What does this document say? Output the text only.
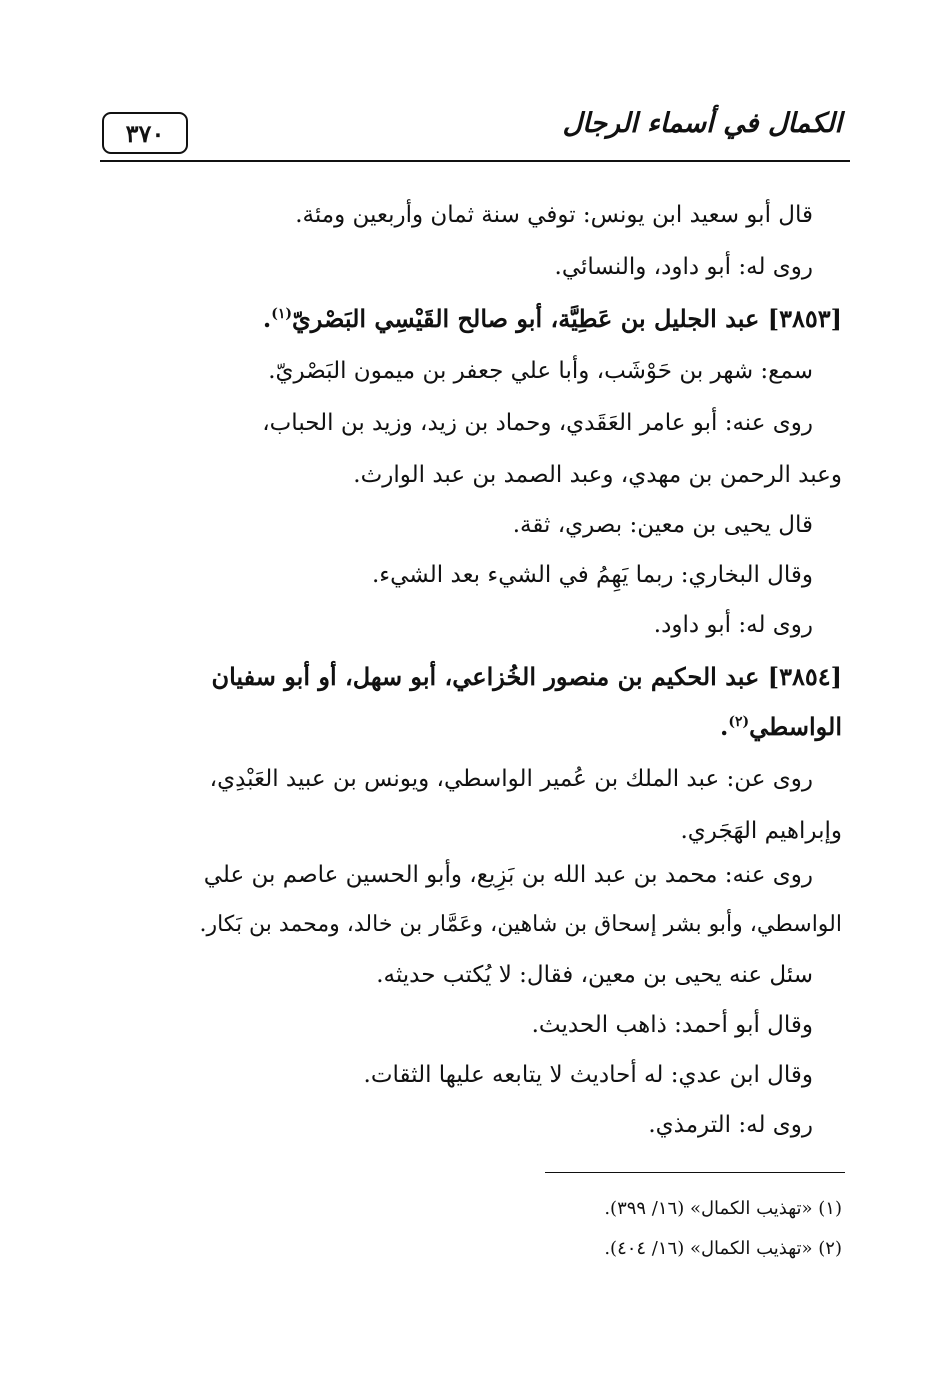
٣٧٠	الكمال في أسماء الرجال
قال أبو سعيد ابن يونس: توفي سنة ثمان وأربعين ومئة.
روى له: أبو داود، والنسائي.
[٣٨٥٣] عبد الجليل بن عَطِيَّة، أبو صالح القَيْسِي البَصْريّ$^{(١)}$.
سمع: شهر بن حَوْشَب، وأبا علي جعفر بن ميمون البَصْريّ.
روى عنه: أبو عامر العَقَدي، وحماد بن زيد، وزيد بن الحباب،
وعبد الرحمن بن مهدي، وعبد الصمد بن عبد الوارث.
قال يحيى بن معين: بصري، ثقة.
وقال البخاري: ربما يَهِمُ في الشيء بعد الشيء.
روى له: أبو داود.
[٣٨٥٤] عبد الحكيم بن منصور الخُزاعي، أبو سهل، أو أبو سفيان
الواسطي$^{(٢)}$.
روى عن: عبد الملك بن عُمير الواسطي، ويونس بن عبيد العَبْدِي،
وإبراهيم الهَجَري.
روى عنه: محمد بن عبد الله بن بَزِيع، وأبو الحسين عاصم بن علي
الواسطي، وأبو بشر إسحاق بن شاهين، وعَمَّار بن خالد، ومحمد بن بَكار.
سئل عنه يحيى بن معين، فقال: لا يُكتب حديثه.
وقال أبو أحمد: ذاهب الحديث.
وقال ابن عدي: له أحاديث لا يتابعه عليها الثقات.
روى له: الترمذي.
(١) «تهذيب الكمال» (١٦/ ٣٩٩).
(٢) «تهذيب الكمال» (١٦/ ٤٠٤).
